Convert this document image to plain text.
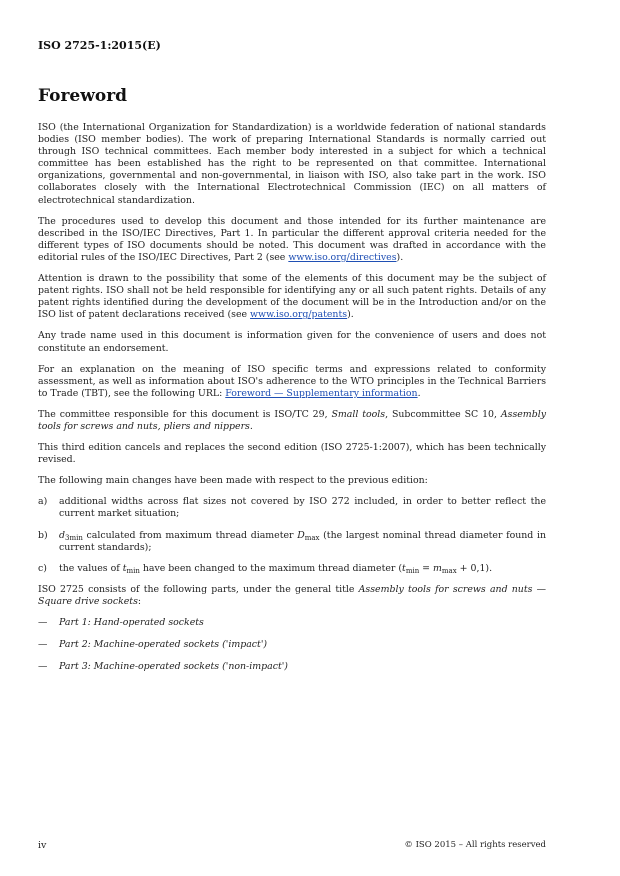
ISO 2725-1:2015(E)
Foreword

ISO (the International Organization for Standardization) is a worldwide federation of national standards bodies (ISO member bodies). The work of preparing International Standards is normally carried out through ISO technical committees. Each member body interested in a subject for which a technical committee has been established has the right to be represented on that committee. International organizations, governmental and non-governmental, in liaison with ISO, also take part in the work. ISO collaborates closely with the International Electrotechnical Commission (IEC) on all matters of electrotechnical standardization.

The procedures used to develop this document and those intended for its further maintenance are described in the ISO/IEC Directives, Part 1. In particular the different approval criteria needed for the different types of ISO documents should be noted. This document was drafted in accordance with the editorial rules of the ISO/IEC Directives, Part 2 (see www.iso.org/directives).

Attention is drawn to the possibility that some of the elements of this document may be the subject of patent rights. ISO shall not be held responsible for identifying any or all such patent rights. Details of any patent rights identified during the development of the document will be in the Introduction and/or on the ISO list of patent declarations received (see www.iso.org/patents).

Any trade name used in this document is information given for the convenience of users and does not constitute an endorsement.

For an explanation on the meaning of ISO specific terms and expressions related to conformity assessment, as well as information about ISO's adherence to the WTO principles in the Technical Barriers to Trade (TBT), see the following URL: Foreword — Supplementary information.

The committee responsible for this document is ISO/TC 29, Small tools, Subcommittee SC 10, Assembly tools for screws and nuts, pliers and nippers.

This third edition cancels and replaces the second edition (ISO 2725-1:2007), which has been technically revised.

The following main changes have been made with respect to the previous edition:

a)	additional widths across flat sizes not covered by ISO 272 included, in order to better reflect the current market situation;
b)	$d_{3min}$ calculated from maximum thread diameter $D_{max}$ (the largest nominal thread diameter found in current standards);
c)	the values of $t_{min}$ have been changed to the maximum thread diameter $(t_{min} = m_{max} + 0,1)$.

ISO 2725 consists of the following parts, under the general title Assembly tools for screws and nuts — Square drive sockets:

—	Part 1: Hand-operated sockets
—	Part 2: Machine-operated sockets ('impact')
—	Part 3: Machine-operated sockets ('non-impact')
iv	© ISO 2015 – All rights reserved
